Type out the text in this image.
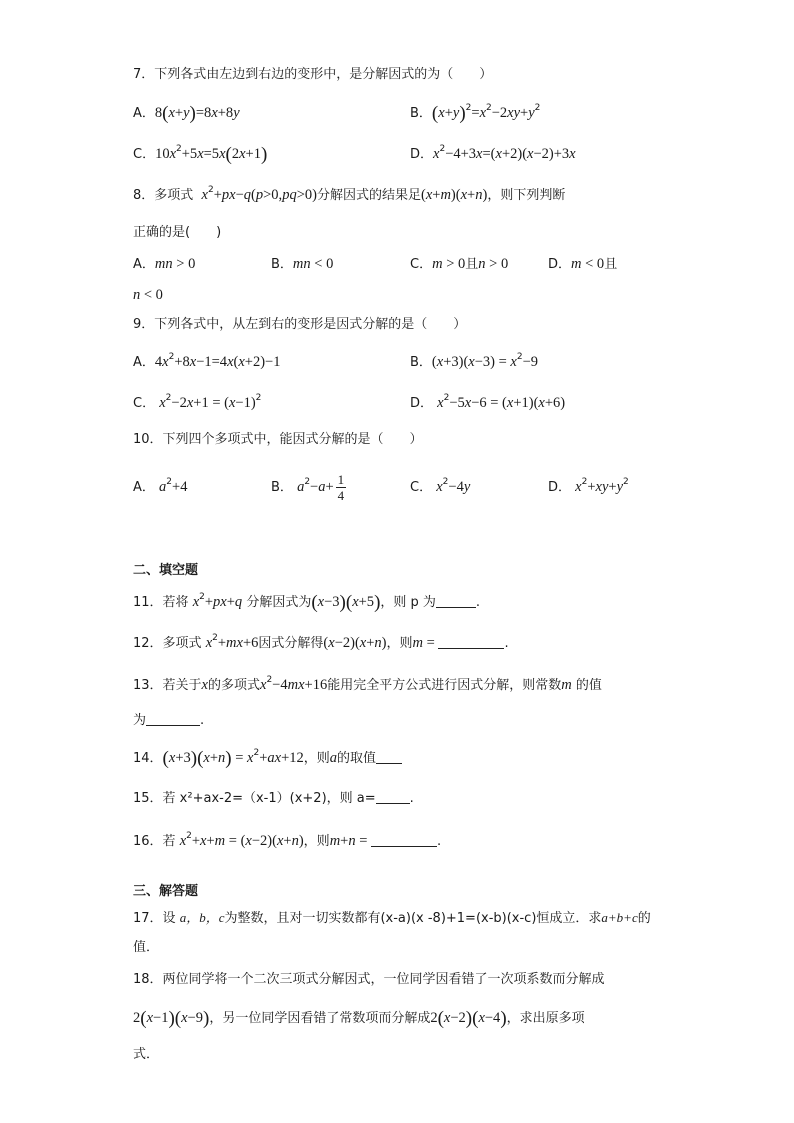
7．下列各式由左边到右边的变形中，是分解因式的为（　　）
A．8(x+y)=8x+8y	B．$(x+y)^2=x^2-2xy+y^2$
C．$10x^2+5x=5x(2x+1)$	D．$x^2-4+3x=(x+2)(x-2)+3x$
8．多项式 $x^2+px-q(p>0,pq>0)$分解因式的结果足(x+m)(x+n)，则下列判断
正确的是(　　)
A．mn > 0	B．mn < 0	C．m > 0且n > 0	D．m < 0且
n < 0
9．下列各式中，从左到右的变形是因式分解的是（　　）
A．$4x^2+8x-1=4x(x+2)-1$	B．$(x+3)(x-3) = x^2-9$
C． $x^2-2x+1 = (x-1)^2$	D． $x^2-5x-6 = (x+1)(x+6)$
10．下列四个多项式中，能因式分解的是（　　）
A． $a^2+4$	B． $a^2-a+ \frac{1}{4}$	C． $x^2-4y$	D． $x^2+xy+y^2$
二、填空题
11．若将 $x^2+px+q$ 分解因式为(x−3)(x+5)，则 p 为	.
12．多项式 $x^2+mx+6$因式分解得(x−2)(x+n)，则m =	.
13．若关于x的多项式$x^2-4mx+16$能用完全平方公式进行因式分解，则常数m 的值
为	.
14．$(x+3)(x+n) = x^2+ax+12$，则a的取值
15．若 x²+ax-2=（x-1）(x+2)，则 a=	.
16．若 $x^2+x+m = (x-2)(x+n)$，则m+n =	.
三、解答题
17．设 a，b，c为整数，且对一切实数都有(x-a)(x -8)+1=(x-b)(x-c)恒成立．求a+b+c的
值．
18．两位同学将一个二次三项式分解因式，一位同学因看错了一次项系数而分解成
2(x−1)(x−9)，另一位同学因看错了常数项而分解成2(x−2)(x−4)，求出原多项
式．
